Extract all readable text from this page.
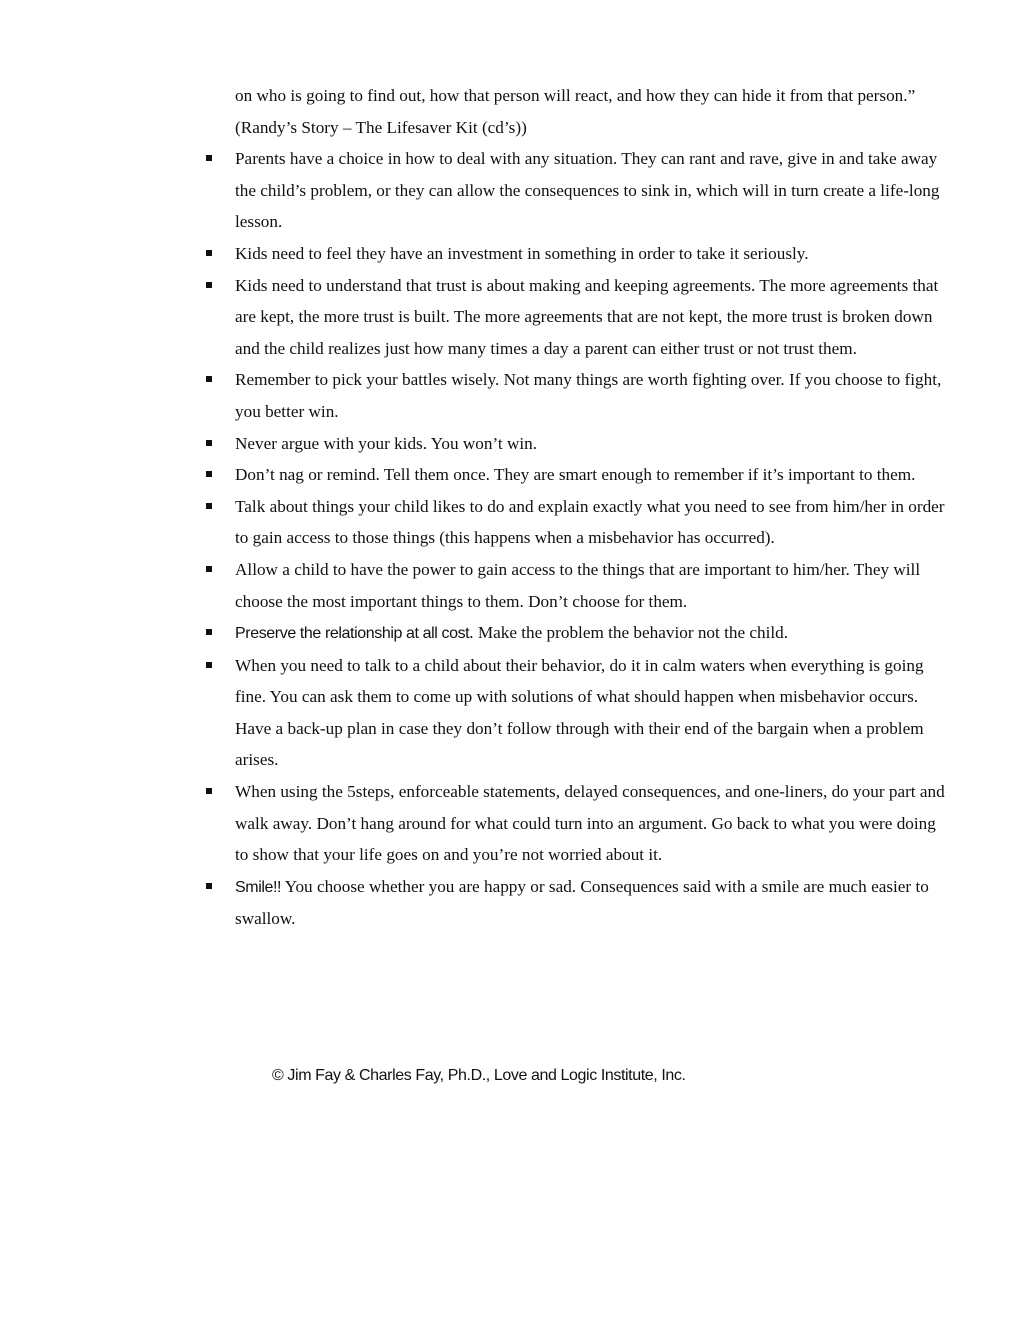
on who is going to find out, how that person will react, and how they can hide it from that person.” (Randy’s Story – The Lifesaver Kit (cd’s))

Parents have a choice in how to deal with any situation. They can rant and rave, give in and take away the child’s problem, or they can allow the consequences to sink in, which will in turn create a life-long lesson.
Kids need to feel they have an investment in something in order to take it seriously.
Kids need to understand that trust is about making and keeping agreements. The more agreements that are kept, the more trust is built. The more agreements that are not kept, the more trust is broken down and the child realizes just how many times a day a parent can either trust or not trust them.
Remember to pick your battles wisely. Not many things are worth fighting over. If you choose to fight, you better win.
Never argue with your kids. You won’t win.
Don’t nag or remind. Tell them once. They are smart enough to remember if it’s important to them.
Talk about things your child likes to do and explain exactly what you need to see from him/her in order to gain access to those things (this happens when a misbehavior has occurred).
Allow a child to have the power to gain access to the things that are important to him/her. They will choose the most important things to them. Don’t choose for them.
Preserve the relationship at all cost. Make the problem the behavior not the child.
When you need to talk to a child about their behavior, do it in calm waters when everything is going fine. You can ask them to come up with solutions of what should happen when misbehavior occurs. Have a back-up plan in case they don’t follow through with their end of the bargain when a problem arises.
When using the 5steps, enforceable statements, delayed consequences, and one-liners, do your part and walk away. Don’t hang around for what could turn into an argument. Go back to what you were doing to show that your life goes on and you’re not worried about it.
Smile!! You choose whether you are happy or sad. Consequences said with a smile are much easier to swallow.
© Jim Fay & Charles Fay, Ph.D., Love and Logic Institute, Inc.
